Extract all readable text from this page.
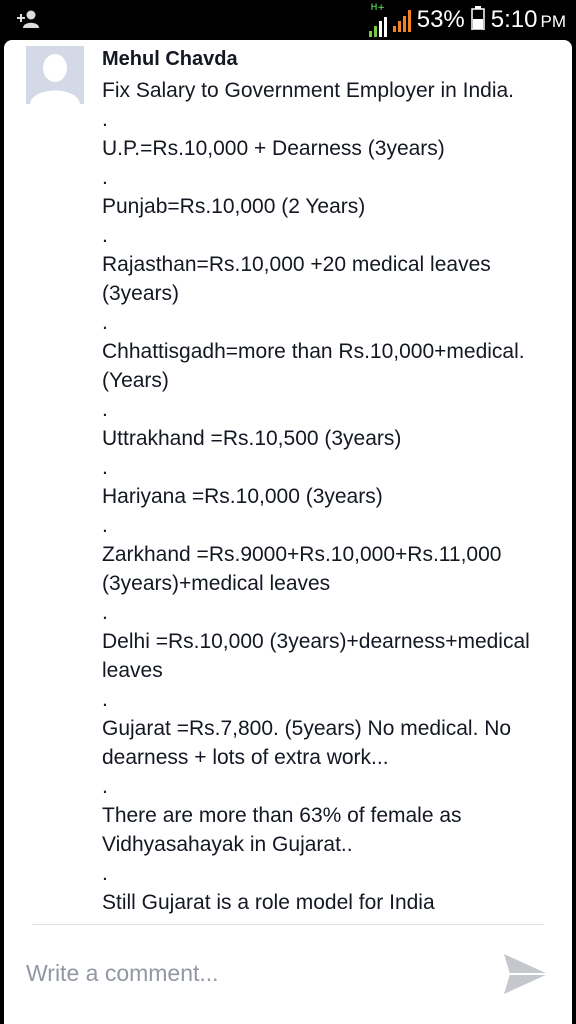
H+ 53% 5:10 PM
Mehul Chavda

Fix Salary to Government Employer in India.

.

U.P.=Rs.10,000 + Dearness (3years)

.

Punjab=Rs.10,000 (2 Years)

.

Rajasthan=Rs.10,000 +20 medical leaves (3years)

.

Chhattisgadh=more than Rs.10,000+medical. (Years)

.

Uttrakhand =Rs.10,500 (3years)

.

Hariyana =Rs.10,000 (3years)

.

Zarkhand =Rs.9000+Rs.10,000+Rs.11,000 (3years)+medical leaves

.

Delhi =Rs.10,000 (3years)+dearness+medical leaves

.

Gujarat =Rs.7,800. (5years) No medical. No dearness + lots of extra work...

.

There are more than 63% of female as Vidhyasahayak in Gujarat..

.

Still Gujarat is a role model for India

Write a comment...
